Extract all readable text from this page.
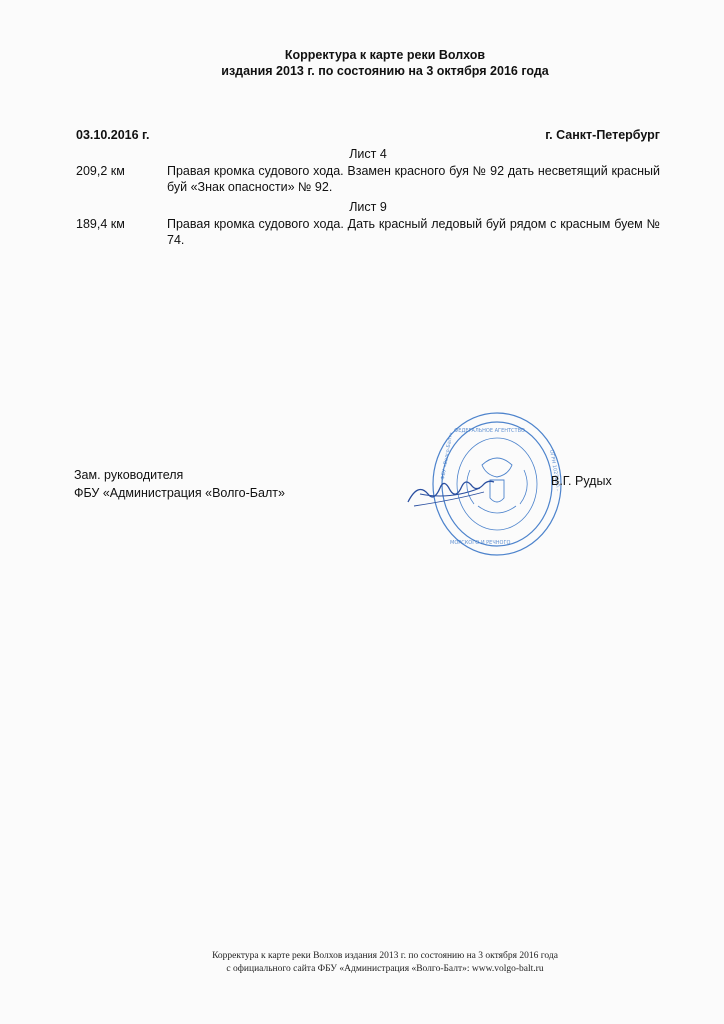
Корректура к карте реки Волхов
издания 2013 г. по состоянию на 3 октября 2016 года
03.10.2016 г.	г. Санкт-Петербург
Лист 4
209,2 км	Правая кромка судового хода. Взамен красного буя № 92 дать несветящий красный буй «Знак опасности» № 92.
Лист 9
189,4 км	Правая кромка судового хода. Дать красный ледовый буй рядом с красным буем № 74.
Зам. руководителя
ФБУ «Администрация «Волго-Балт»
ФЕДЕРАЛЬНОЕ АГЕНТСТВО
МОРСКОГО И РЕЧНОГО
ФБУ «Волго-Балт»	ОГРН 1027810...
В.Г. Рудых
Корректура к карте реки Волхов издания 2013 г. по состоянию на 3 октября 2016 года
с официального сайта ФБУ «Администрация «Волго-Балт»: www.volgo-balt.ru
